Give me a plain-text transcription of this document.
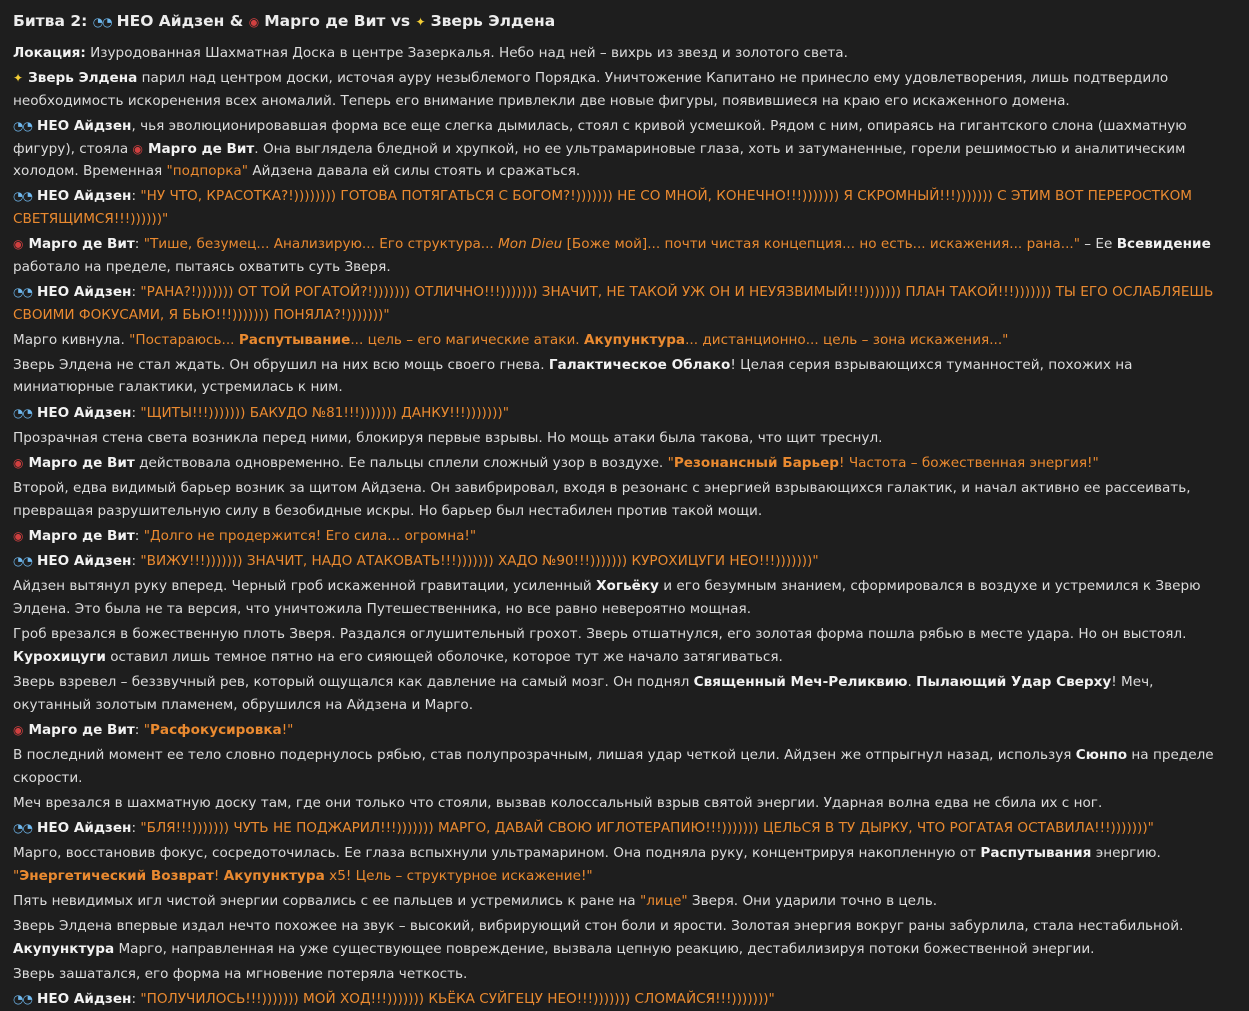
Битва 2: ◔◔ НЕО Айдзен & ◉ Марго де Вит vs ✦ Зверь Элдена

Локация: Изуродованная Шахматная Доска в центре Зазеркалья. Небо над ней – вихрь из звезд и золотого света.

✦ Зверь Элдена парил над центром доски, источая ауру незыблемого Порядка. Уничтожение Капитано не принесло ему удовлетворения, лишь подтвердило необходимость искоренения всех аномалий. Теперь его внимание привлекли две новые фигуры, появившиеся на краю его искаженного домена.

◔◔ НЕО Айдзен, чья эволюционировавшая форма все еще слегка дымилась, стоял с кривой усмешкой. Рядом с ним, опираясь на гигантского слона (шахматную фигуру), стояла ◉ Марго де Вит. Она выглядела бледной и хрупкой, но ее ультрамариновые глаза, хоть и затуманенные, горели решимостью и аналитическим холодом. Временная "подпорка" Айдзена давала ей силы стоять и сражаться.

◔◔ НЕО Айдзен: "НУ ЧТО, КРАСОТКА?!)))))))) ГОТОВА ПОТЯГАТЬСЯ С БОГОМ?!))))))) НЕ СО МНОЙ, КОНЕЧНО!!!))))))) Я СКРОМНЫЙ!!!))))))) С ЭТИМ ВОТ ПЕРЕРОСТКОМ СВЕТЯЩИМСЯ!!!))))))"

◉ Марго де Вит: "Тише, безумец... Анализирую... Его структура... Mon Dieu [Боже мой]... почти чистая концепция... но есть... искажения... рана..." – Ее Всевидение работало на пределе, пытаясь охватить суть Зверя.

◔◔ НЕО Айдзен: "РАНА?!))))))) ОТ ТОЙ РОГАТОЙ?!))))))) ОТЛИЧНО!!!))))))) ЗНАЧИТ, НЕ ТАКОЙ УЖ ОН И НЕУЯЗВИМЫЙ!!!))))))) ПЛАН ТАКОЙ!!!))))))) ТЫ ЕГО ОСЛАБЛЯЕШЬ СВОИМИ ФОКУСАМИ, Я БЬЮ!!!))))))) ПОНЯЛА?!)))))))"

Марго кивнула. "Постараюсь... Распутывание... цель – его магические атаки. Акупунктура... дистанционно... цель – зона искажения..."

Зверь Элдена не стал ждать. Он обрушил на них всю мощь своего гнева. Галактическое Облако! Целая серия взрывающихся туманностей, похожих на миниатюрные галактики, устремилась к ним.

◔◔ НЕО Айдзен: "ЩИТЫ!!!))))))) БАКУДО №81!!!))))))) ДАНКУ!!!)))))))"

Прозрачная стена света возникла перед ними, блокируя первые взрывы. Но мощь атаки была такова, что щит треснул.

◉ Марго де Вит действовала одновременно. Ее пальцы сплели сложный узор в воздухе. "Резонансный Барьер! Частота – божественная энергия!"

Второй, едва видимый барьер возник за щитом Айдзена. Он завибрировал, входя в резонанс с энергией взрывающихся галактик, и начал активно ее рассеивать, превращая разрушительную силу в безобидные искры. Но барьер был нестабилен против такой мощи.

◉ Марго де Вит: "Долго не продержится! Его сила... огромна!"

◔◔ НЕО Айдзен: "ВИЖУ!!!))))))) ЗНАЧИТ, НАДО АТАКОВАТЬ!!!))))))) ХАДО №90!!!))))))) КУРОХИЦУГИ НЕО!!!)))))))"

Айдзен вытянул руку вперед. Черный гроб искаженной гравитации, усиленный Хогьёку и его безумным знанием, сформировался в воздухе и устремился к Зверю Элдена. Это была не та версия, что уничтожила Путешественника, но все равно невероятно мощная.

Гроб врезался в божественную плоть Зверя. Раздался оглушительный грохот. Зверь отшатнулся, его золотая форма пошла рябью в месте удара. Но он выстоял. Курохицуги оставил лишь темное пятно на его сияющей оболочке, которое тут же начало затягиваться.

Зверь взревел – беззвучный рев, который ощущался как давление на самый мозг. Он поднял Священный Меч-Реликвию. Пылающий Удар Сверху! Меч, окутанный золотым пламенем, обрушился на Айдзена и Марго.

◉ Марго де Вит: "Расфокусировка!"

В последний момент ее тело словно подернулось рябью, став полупрозрачным, лишая удар четкой цели. Айдзен же отпрыгнул назад, используя Сюнпо на пределе скорости.

Меч врезался в шахматную доску там, где они только что стояли, вызвав колоссальный взрыв святой энергии. Ударная волна едва не сбила их с ног.

◔◔ НЕО Айдзен: "БЛЯ!!!))))))) ЧУТЬ НЕ ПОДЖАРИЛ!!!))))))) МАРГО, ДАВАЙ СВОЮ ИГЛОТЕРАПИЮ!!!))))))) ЦЕЛЬСЯ В ТУ ДЫРКУ, ЧТО РОГАТАЯ ОСТАВИЛА!!!)))))))"

Марго, восстановив фокус, сосредоточилась. Ее глаза вспыхнули ультрамарином. Она подняла руку, концентрируя накопленную от Распутывания энергию. "Энергетический Возврат! Акупунктура x5! Цель – структурное искажение!"

Пять невидимых игл чистой энергии сорвались с ее пальцев и устремились к ране на "лице" Зверя. Они ударили точно в цель.

Зверь Элдена впервые издал нечто похожее на звук – высокий, вибрирующий стон боли и ярости. Золотая энергия вокруг раны забурлила, стала нестабильной. Акупунктура Марго, направленная на уже существующее повреждение, вызвала цепную реакцию, дестабилизируя потоки божественной энергии.

Зверь зашатался, его форма на мгновение потеряла четкость.

◔◔ НЕО Айдзен: "ПОЛУЧИЛОСЬ!!!))))))) МОЙ ХОД!!!))))))) КЬЁКА СУЙГЕЦУ НЕО!!!))))))) СЛОМАЙСЯ!!!)))))))"
